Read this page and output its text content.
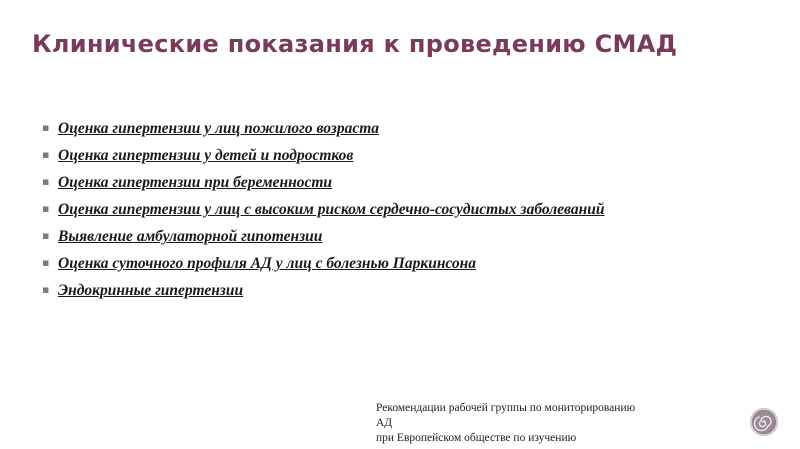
Клинические показания к проведению СМАД
▪ Оценка гипертензии у лиц пожилого возраста
▪ Оценка гипертензии у детей и подростков
▪ Оценка гипертензии при беременности
▪ Оценка гипертензии у лиц с высоким риском сердечно-сосудистых заболеваний
▪ Выявление амбулаторной гипотензии
▪ Оценка суточного профиля АД у лиц с болезнью Паркинсона
▪ Эндокринные гипертензии
Рекомендации рабочей группы по мониторированию
АД
при Европейском обществе по изучению
